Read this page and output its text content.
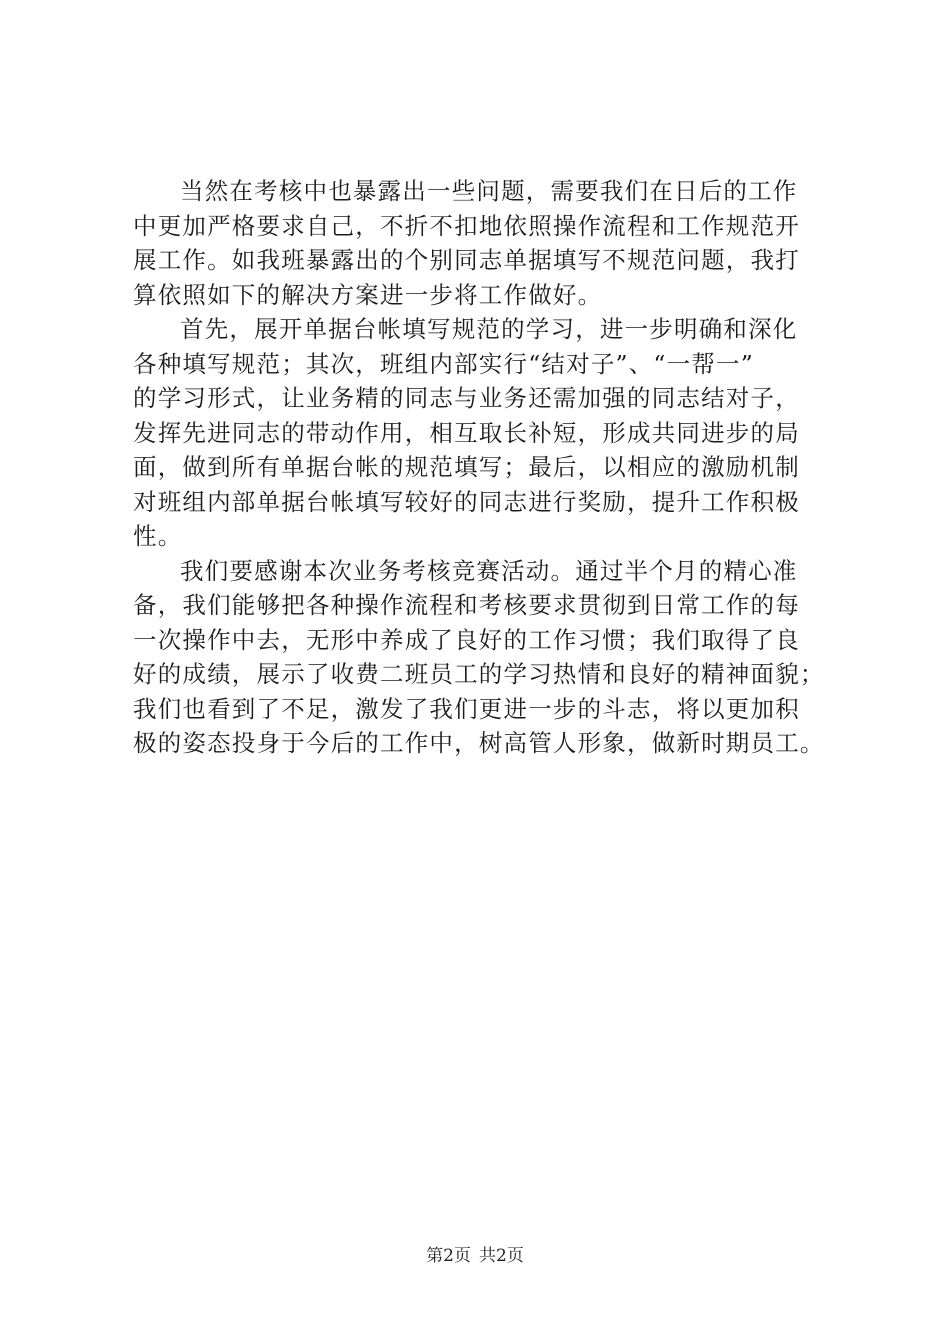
当然在考核中也暴露出一些问题，需要我们在日后的工作
中更加严格要求自己，不折不扣地依照操作流程和工作规范开
展工作。如我班暴露出的个别同志单据填写不规范问题，我打
算依照如下的解决方案进一步将工作做好。
首先，展开单据台帐填写规范的学习，进一步明确和深化
各种填写规范；其次，班组内部实行“结对子”、“一帮一”
的学习形式，让业务精的同志与业务还需加强的同志结对子，
发挥先进同志的带动作用，相互取长补短，形成共同进步的局
面，做到所有单据台帐的规范填写；最后，以相应的激励机制
对班组内部单据台帐填写较好的同志进行奖励，提升工作积极
性。
我们要感谢本次业务考核竞赛活动。通过半个月的精心准
备，我们能够把各种操作流程和考核要求贯彻到日常工作的每
一次操作中去，无形中养成了良好的工作习惯；我们取得了良
好的成绩，展示了收费二班员工的学习热情和良好的精神面貌；
我们也看到了不足，激发了我们更进一步的斗志，将以更加积
极的姿态投身于今后的工作中，树高管人形象，做新时期员工。
第2页 共2页
